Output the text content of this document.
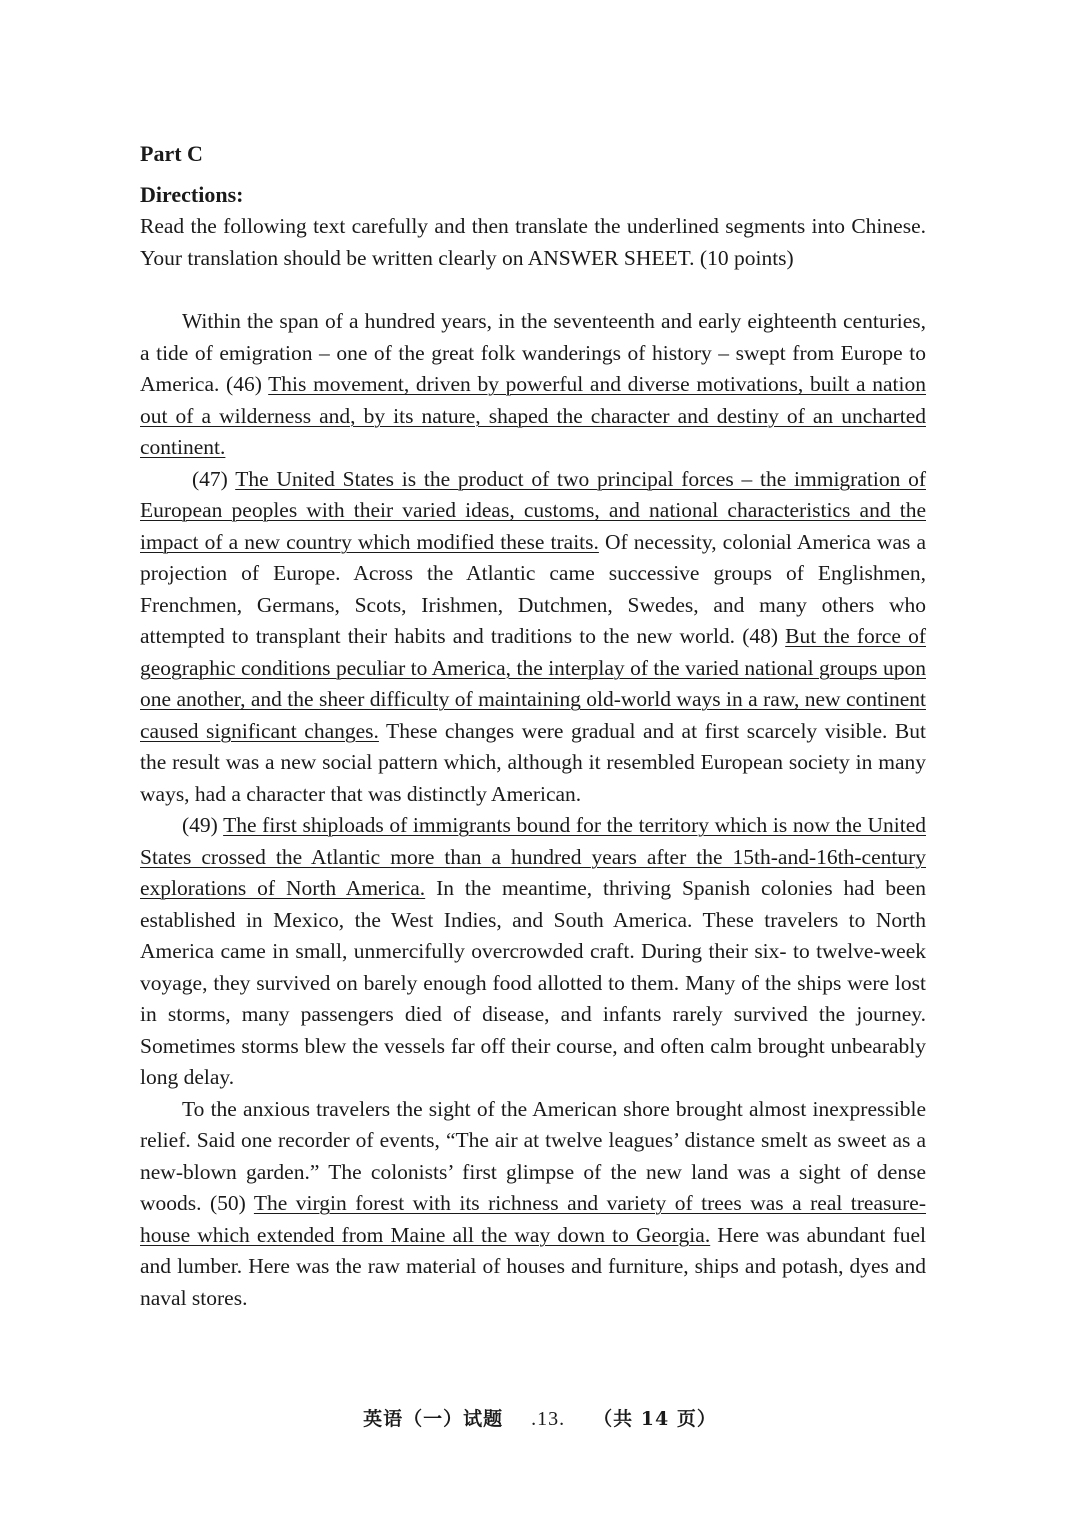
Part C
Directions:

Read the following text carefully and then translate the underlined segments into Chinese. Your translation should be written clearly on ANSWER SHEET. (10 points)

Within the span of a hundred years, in the seventeenth and early eighteenth centuries, a tide of emigration – one of the great folk wanderings of history – swept from Europe to America. (46) This movement, driven by powerful and diverse motivations, built a nation out of a wilderness and, by its nature, shaped the character and destiny of an uncharted continent.

(47) The United States is the product of two principal forces – the immigration of European peoples with their varied ideas, customs, and national characteristics and the impact of a new country which modified these traits. Of necessity, colonial America was a projection of Europe. Across the Atlantic came successive groups of Englishmen, Frenchmen, Germans, Scots, Irishmen, Dutchmen, Swedes, and many others who attempted to transplant their habits and traditions to the new world. (48) But the force of geographic conditions peculiar to America, the interplay of the varied national groups upon one another, and the sheer difficulty of maintaining old-world ways in a raw, new continent caused significant changes. These changes were gradual and at first scarcely visible. But the result was a new social pattern which, although it resembled European society in many ways, had a character that was distinctly American.

(49) The first shiploads of immigrants bound for the territory which is now the United States crossed the Atlantic more than a hundred years after the 15th-and-16th-century explorations of North America. In the meantime, thriving Spanish colonies had been established in Mexico, the West Indies, and South America. These travelers to North America came in small, unmercifully overcrowded craft. During their six- to twelve-week voyage, they survived on barely enough food allotted to them. Many of the ships were lost in storms, many passengers died of disease, and infants rarely survived the journey. Sometimes storms blew the vessels far off their course, and often calm brought unbearably long delay.

To the anxious travelers the sight of the American shore brought almost inexpressible relief. Said one recorder of events, “The air at twelve leagues’ distance smelt as sweet as a new-blown garden.” The colonists’ first glimpse of the new land was a sight of dense woods. (50) The virgin forest with its richness and variety of trees was a real treasure-house which extended from Maine all the way down to Georgia. Here was abundant fuel and lumber. Here was the raw material of houses and furniture, ships and potash, dyes and naval stores.

英语（一）试题 .13. （共 14 页）
